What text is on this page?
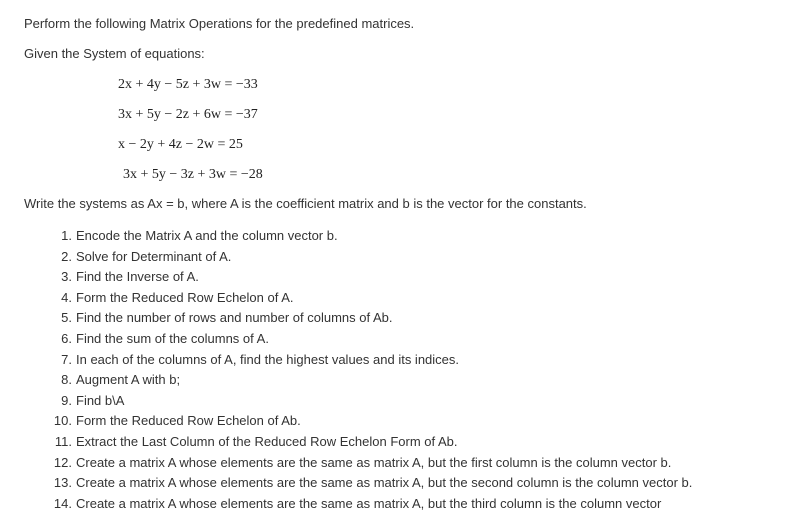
Perform the following Matrix Operations for the predefined matrices.
Given the System of equations:
2x + 4y − 5z + 3w = −33
3x + 5y − 2z + 6w = −37
x − 2y + 4z − 2w = 25
3x + 5y − 3z + 3w = −28
Write the systems as Ax = b, where A is the coefficient matrix and b is the vector for the constants.
1. Encode the Matrix A and the column vector b.
2. Solve for Determinant of A.
3. Find the Inverse of A.
4. Form the Reduced Row Echelon of A.
5. Find the number of rows and number of columns of Ab.
6. Find the sum of the columns of A.
7. In each of the columns of A, find the highest values and its indices.
8. Augment A with b;
9. Find b\A
10. Form the Reduced Row Echelon of Ab.
11. Extract the Last Column of the Reduced Row Echelon Form of Ab.
12. Create a matrix A whose elements are the same as matrix A, but the first column is the column vector b.
13. Create a matrix A whose elements are the same as matrix A, but the second column is the column vector b.
14. Create a matrix A whose elements are the same as matrix A, but the third column is the column vector
